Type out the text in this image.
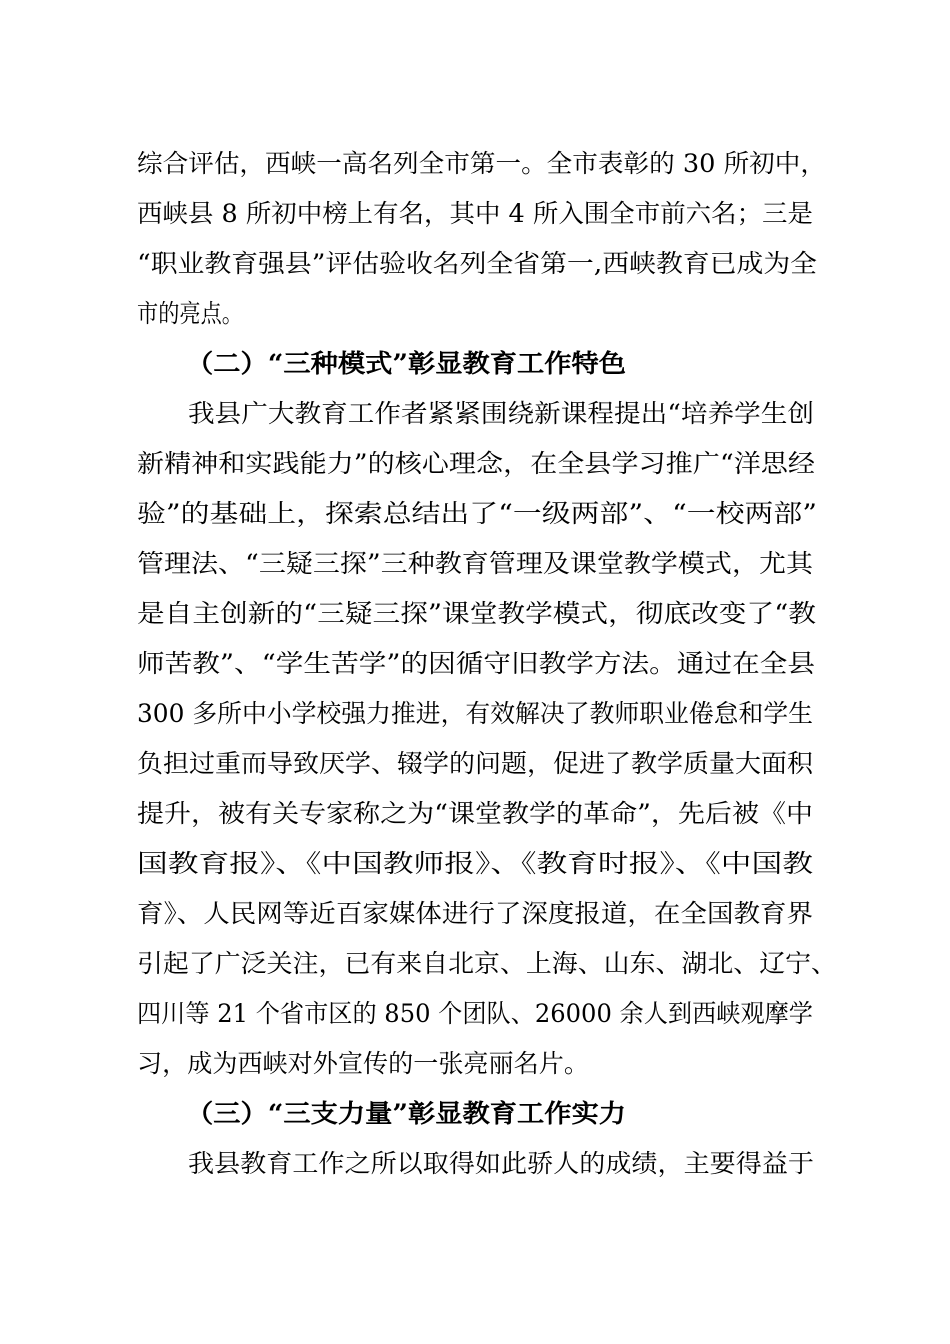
综合评估，西峡一高名列全市第一。全市表彰的 30 所初中，
西峡县 8 所初中榜上有名，其中 4 所入围全市前六名；三是
“职业教育强县”评估验收名列全省第一,西峡教育已成为全
市的亮点。
（二）“三种模式”彰显教育工作特色
我县广大教育工作者紧紧围绕新课程提出“培养学生创
新精神和实践能力”的核心理念，在全县学习推广“洋思经
验”的基础上，探索总结出了“一级两部”、“一校两部”
管理法、“三疑三探”三种教育管理及课堂教学模式，尤其
是自主创新的“三疑三探”课堂教学模式，彻底改变了“教
师苦教”、“学生苦学”的因循守旧教学方法。通过在全县
300 多所中小学校强力推进，有效解决了教师职业倦怠和学生
负担过重而导致厌学、辍学的问题，促进了教学质量大面积
提升，被有关专家称之为“课堂教学的革命”，先后被《中
国教育报》、《中国教师报》、《教育时报》、《中国教
育》、人民网等近百家媒体进行了深度报道，在全国教育界
引起了广泛关注，已有来自北京、上海、山东、湖北、辽宁、
四川等 21 个省市区的 850 个团队、26000 余人到西峡观摩学
习，成为西峡对外宣传的一张亮丽名片。
（三）“三支力量”彰显教育工作实力
我县教育工作之所以取得如此骄人的成绩，主要得益于
